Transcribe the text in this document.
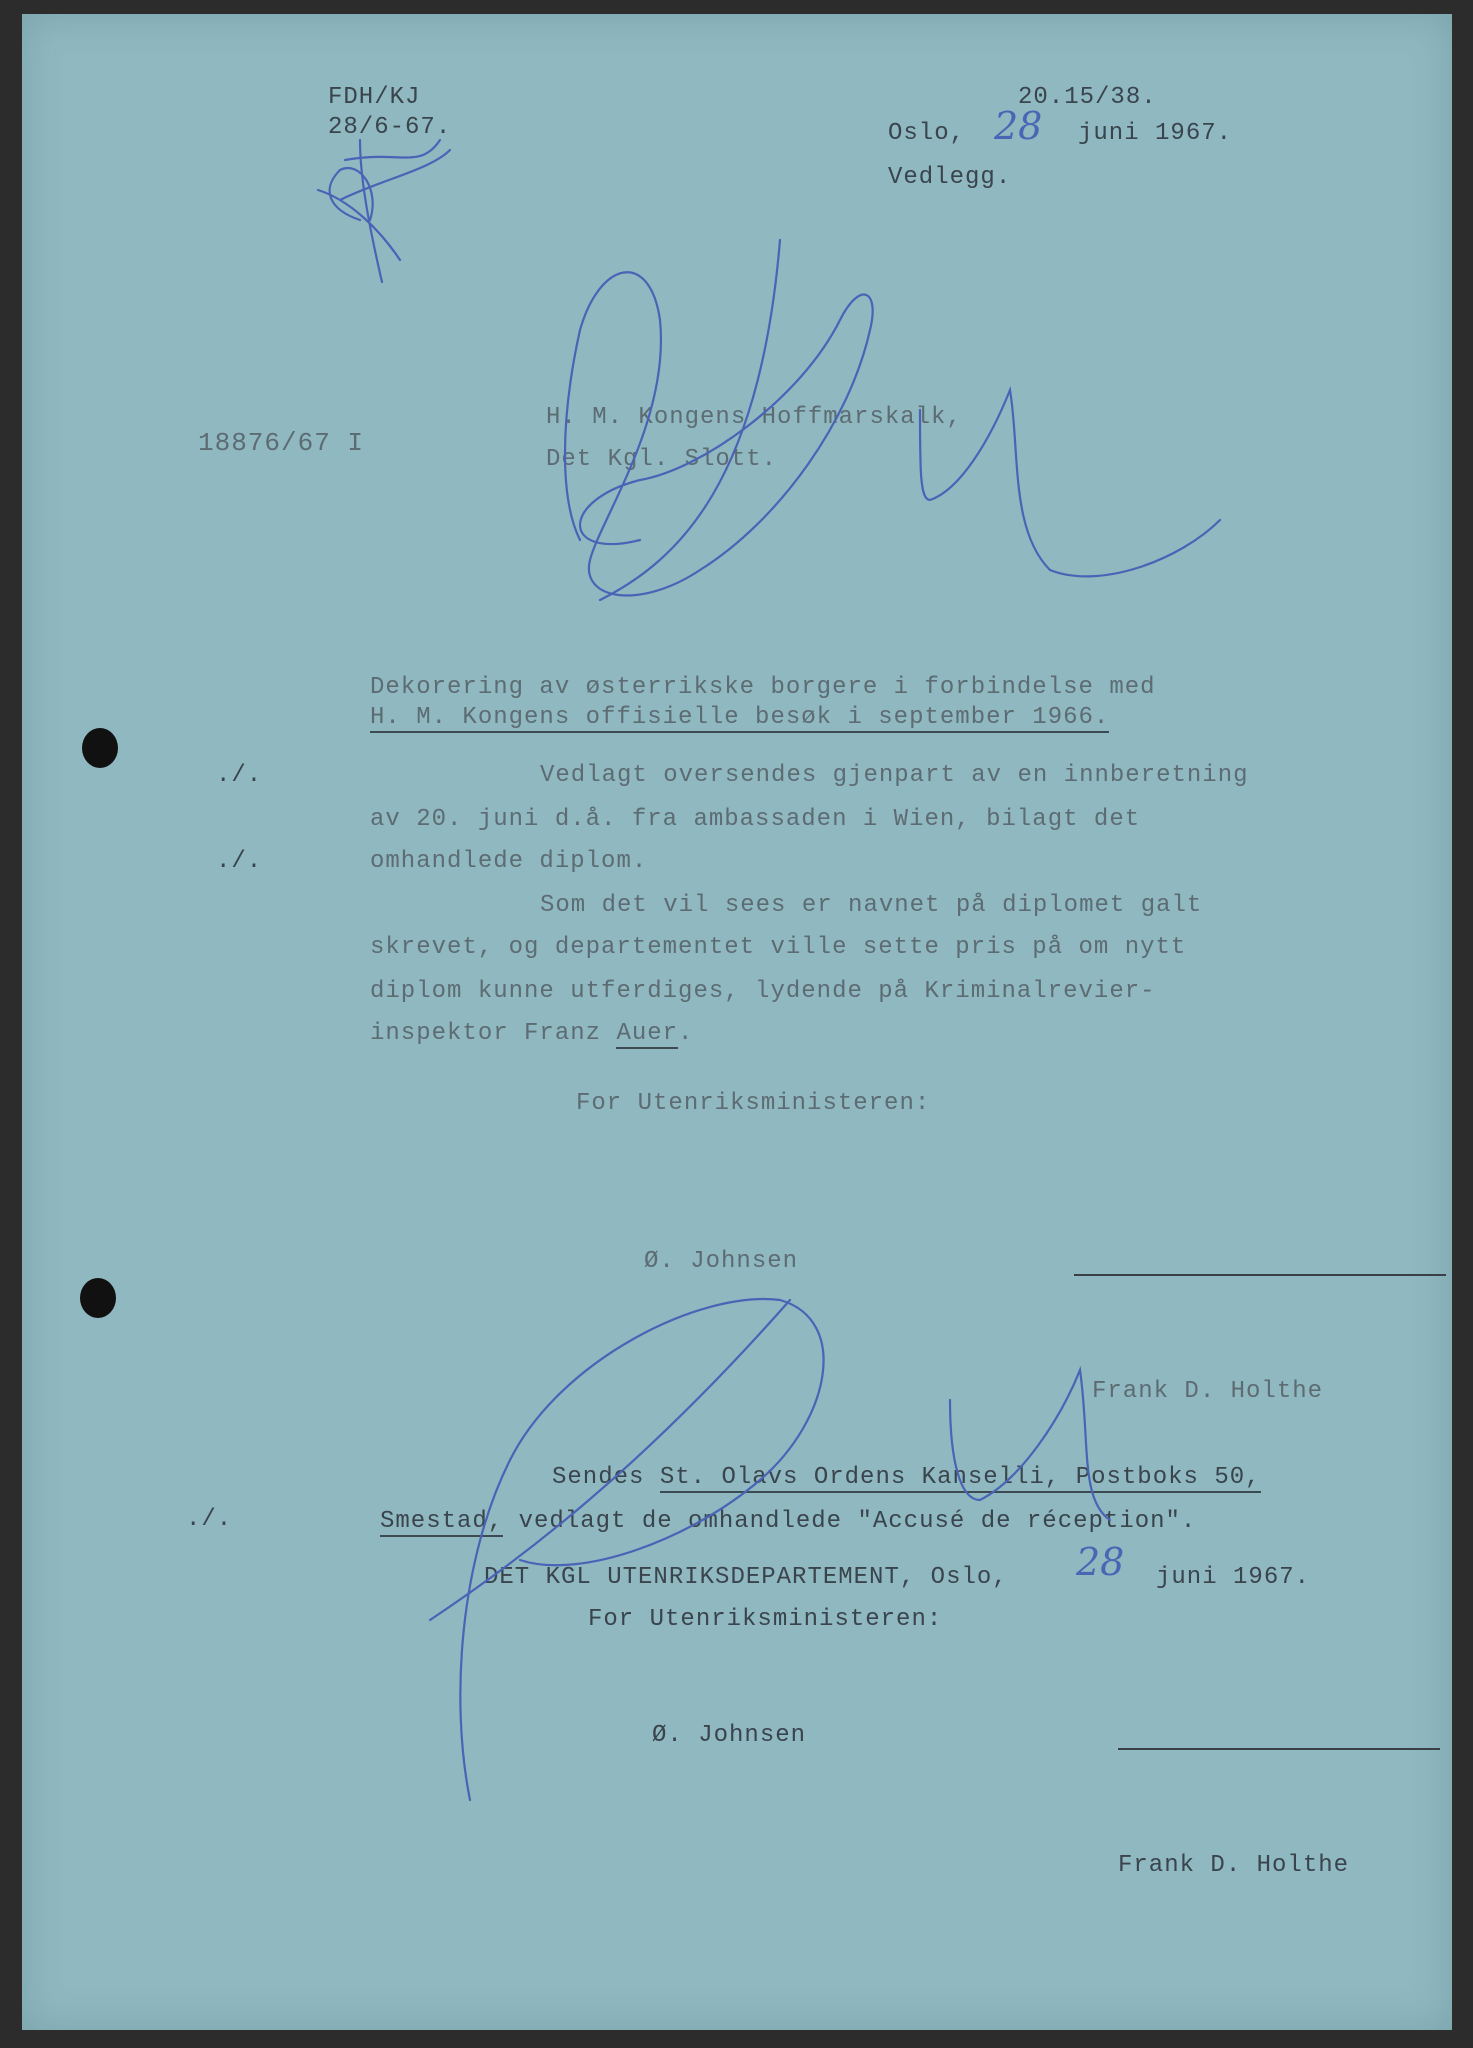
FDH/KJ
28/6-67.
20.15/38.
Oslo, 28 juni 1967.
Vedlegg.
18876/67 I
H. M. Kongens Hoffmarskalk,
Det Kgl. Slott.
Dekorering av østerrikske borgere i forbindelse med
H. M. Kongens offisielle besøk i september 1966.
./.
./.
./.
Vedlagt oversendes gjenpart av en innberetning
av 20. juni d.å. fra ambassaden i Wien, bilagt det
omhandlede diplom.
Som det vil sees er navnet på diplomet galt
skrevet, og departementet ville sette pris på om nytt
diplom kunne utferdiges, lydende på Kriminalrevier-
inspektor Franz Auer.
For Utenriksministeren:
Ø. Johnsen
Frank D. Holthe
Sendes St. Olavs Ordens Kanselli, Postboks 50,
Smestad, vedlagt de omhandlede "Accusé de réception".
DET KGL UTENRIKSDEPARTEMENT, Oslo, 28 juni 1967.
For Utenriksministeren:
Ø. Johnsen
Frank D. Holthe
